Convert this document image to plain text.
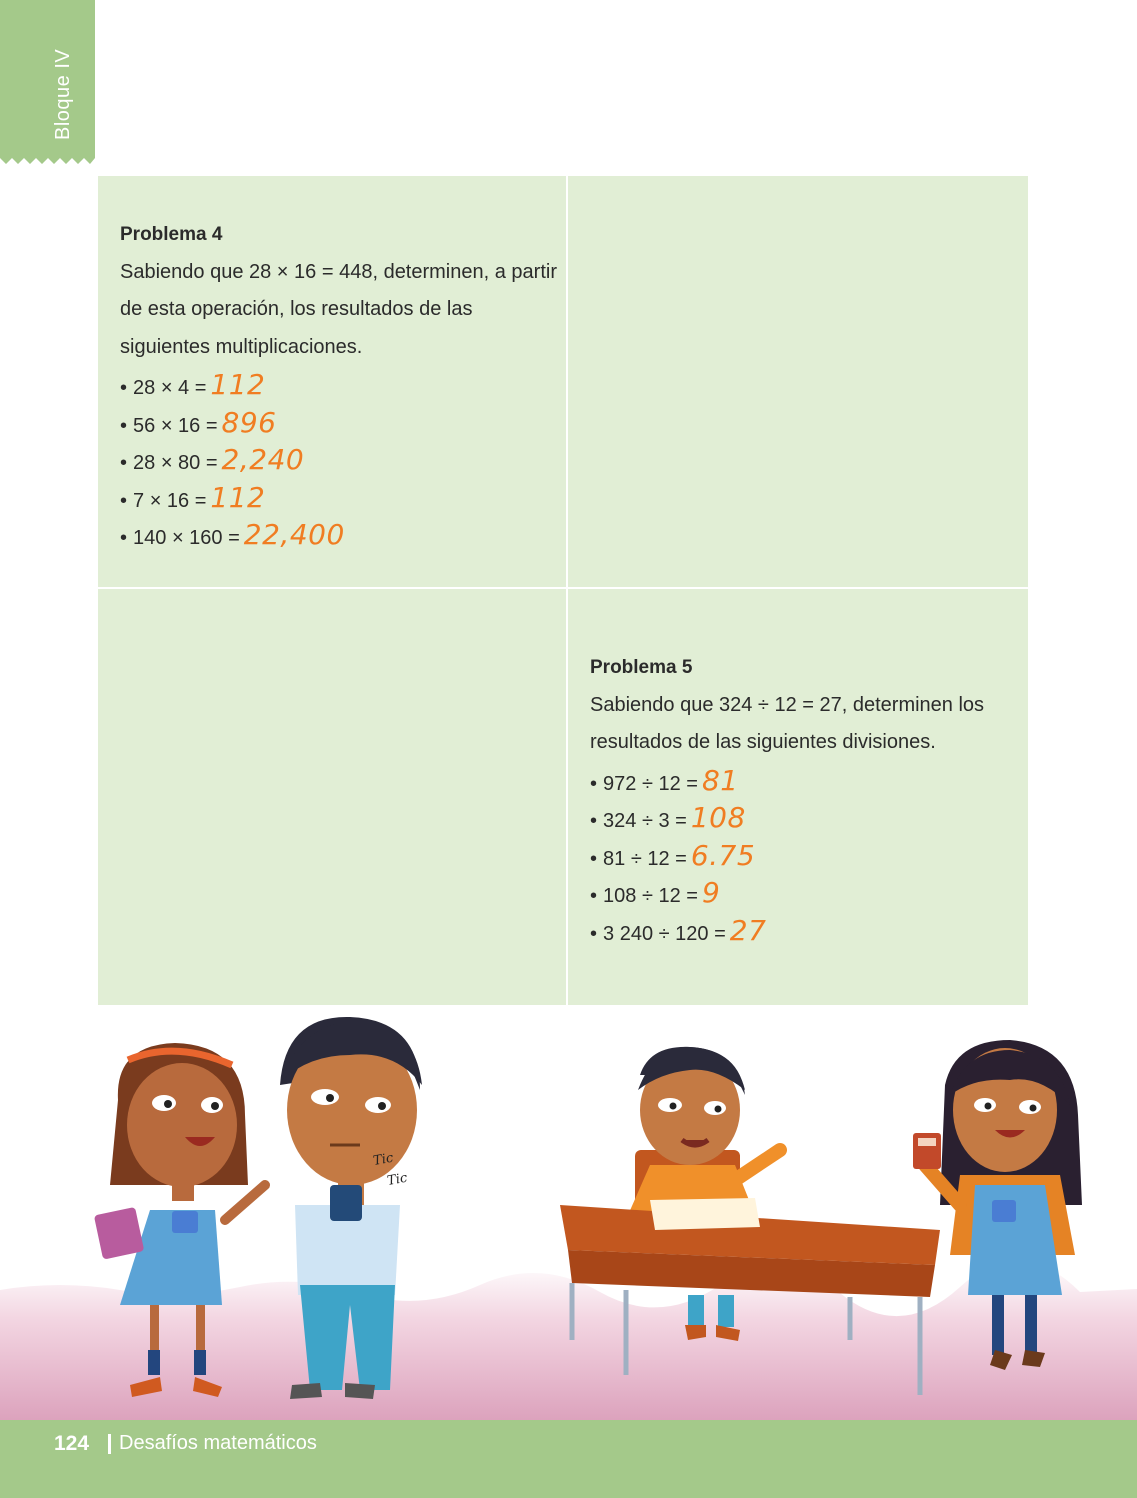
Bloque IV
Problema 4
Sabiendo que 28 × 16 = 448, determinen, a partir de esta operación, los resultados de las siguientes multiplicaciones.
• 28 × 4 = 112
• 56 × 16 = 896
• 28 × 80 = 2,240
• 7 × 16 = 112
• 140 × 160 = 22,400
Problema 5
Sabiendo que 324 ÷ 12 = 27, determinen los resultados de las siguientes divisiones.
• 972 ÷ 12 = 81
• 324 ÷ 3 = 108
• 81 ÷ 12 = 6.75
• 108 ÷ 12 = 9
• 3 240 ÷ 120 = 27
Tic
Tic
124 Desafíos matemáticos
